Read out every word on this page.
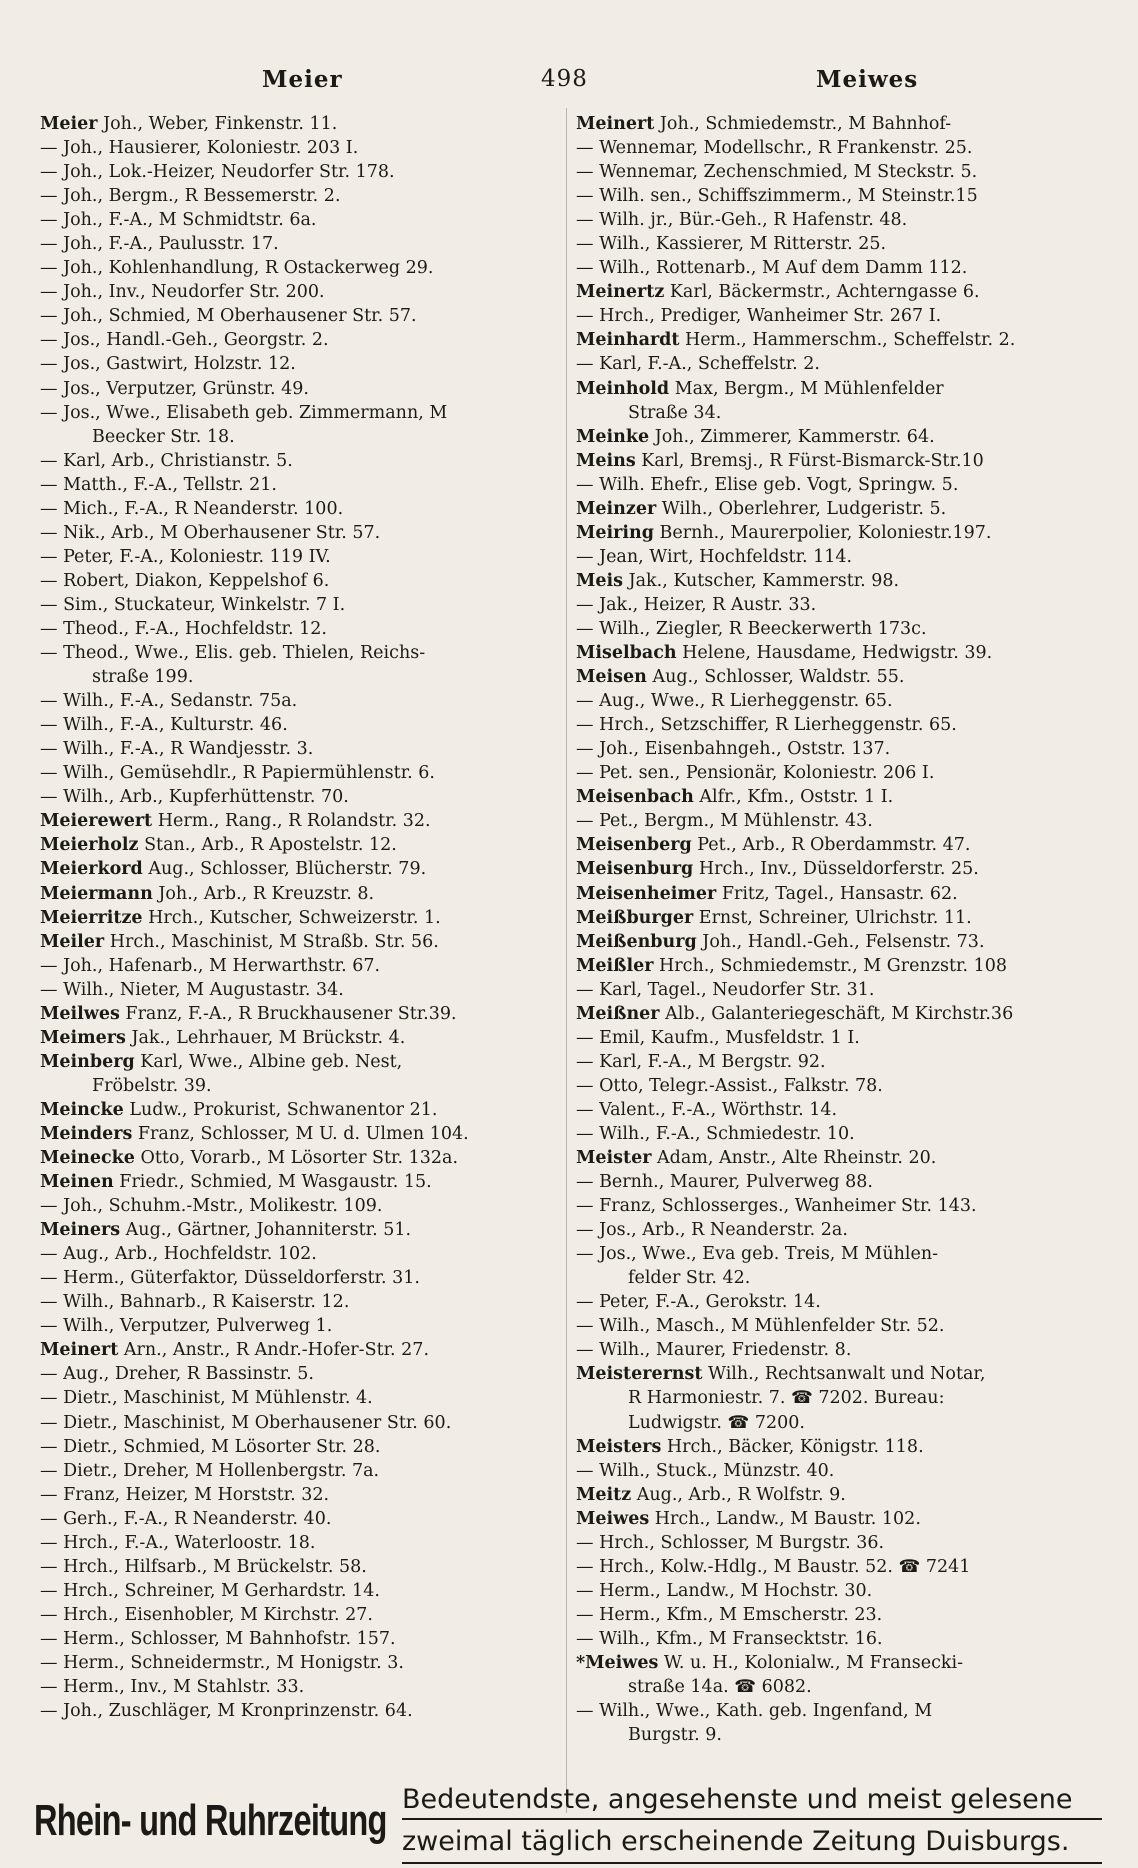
Meier	498	Meiwes
Meier Joh., Weber, Finkenstr. 11.
— Joh., Hausierer, Koloniestr. 203 I.
— Joh., Lok.-Heizer, Neudorfer Str. 178.
— Joh., Bergm., R Bessemerstr. 2.
— Joh., F.-A., M Schmidtstr. 6a.
— Joh., F.-A., Paulusstr. 17.
— Joh., Kohlenhandlung, R Ostackerweg 29.
— Joh., Inv., Neudorfer Str. 200.
— Joh., Schmied, M Oberhausener Str. 57.
— Jos., Handl.-Geh., Georgstr. 2.
— Jos., Gastwirt, Holzstr. 12.
— Jos., Verputzer, Grünstr. 49.
— Jos., Wwe., Elisabeth geb. Zimmermann, M
Beecker Str. 18.
— Karl, Arb., Christianstr. 5.
— Matth., F.-A., Tellstr. 21.
— Mich., F.-A., R Neanderstr. 100.
— Nik., Arb., M Oberhausener Str. 57.
— Peter, F.-A., Koloniestr. 119 IV.
— Robert, Diakon, Keppelshof 6.
— Sim., Stuckateur, Winkelstr. 7 I.
— Theod., F.-A., Hochfeldstr. 12.
— Theod., Wwe., Elis. geb. Thielen, Reichs-
straße 199.
— Wilh., F.-A., Sedanstr. 75a.
— Wilh., F.-A., Kulturstr. 46.
— Wilh., F.-A., R Wandjesstr. 3.
— Wilh., Gemüsehdlr., R Papiermühlenstr. 6.
— Wilh., Arb., Kupferhüttenstr. 70.
Meierewert Herm., Rang., R Rolandstr. 32.
Meierholz Stan., Arb., R Apostelstr. 12.
Meierkord Aug., Schlosser, Blücherstr. 79.
Meiermann Joh., Arb., R Kreuzstr. 8.
Meierritze Hrch., Kutscher, Schweizerstr. 1.
Meiler Hrch., Maschinist, M Straßb. Str. 56.
— Joh., Hafenarb., M Herwarthstr. 67.
— Wilh., Nieter, M Augustastr. 34.
Meilwes Franz, F.-A., R Bruckhausener Str.39.
Meimers Jak., Lehrhauer, M Brückstr. 4.
Meinberg Karl, Wwe., Albine geb. Nest,
Fröbelstr. 39.
Meincke Ludw., Prokurist, Schwanentor 21.
Meinders Franz, Schlosser, M U. d. Ulmen 104.
Meinecke Otto, Vorarb., M Lösorter Str. 132a.
Meinen Friedr., Schmied, M Wasgaustr. 15.
— Joh., Schuhm.-Mstr., Molikestr. 109.
Meiners Aug., Gärtner, Johanniterstr. 51.
— Aug., Arb., Hochfeldstr. 102.
— Herm., Güterfaktor, Düsseldorferstr. 31.
— Wilh., Bahnarb., R Kaiserstr. 12.
— Wilh., Verputzer, Pulverweg 1.
Meinert Arn., Anstr., R Andr.-Hofer-Str. 27.
— Aug., Dreher, R Bassinstr. 5.
— Dietr., Maschinist, M Mühlenstr. 4.
— Dietr., Maschinist, M Oberhausener Str. 60.
— Dietr., Schmied, M Lösorter Str. 28.
— Dietr., Dreher, M Hollenbergstr. 7a.
— Franz, Heizer, M Horststr. 32.
— Gerh., F.-A., R Neanderstr. 40.
— Hrch., F.-A., Waterloostr. 18.
— Hrch., Hilfsarb., M Brückelstr. 58.
— Hrch., Schreiner, M Gerhardstr. 14.
— Hrch., Eisenhobler, M Kirchstr. 27.
— Herm., Schlosser, M Bahnhofstr. 157.
— Herm., Schneidermstr., M Honigstr. 3.
— Herm., Inv., M Stahlstr. 33.
— Joh., Zuschläger, M Kronprinzenstr. 64.
Meinert Joh., Schmiedemstr., M Bahnhof-
— Wennemar, Modellschr., R Frankenstr. 25.
— Wennemar, Zechenschmied, M Steckstr. 5.
— Wilh. sen., Schiffszimmerm., M Steinstr.15
— Wilh. jr., Bür.-Geh., R Hafenstr. 48.
— Wilh., Kassierer, M Ritterstr. 25.
— Wilh., Rottenarb., M Auf dem Damm 112.
Meinertz Karl, Bäckermstr., Achterngasse 6.
— Hrch., Prediger, Wanheimer Str. 267 I.
Meinhardt Herm., Hammerschm., Scheffelstr. 2.
— Karl, F.-A., Scheffelstr. 2.
Meinhold Max, Bergm., M Mühlenfelder
Straße 34.
Meinke Joh., Zimmerer, Kammerstr. 64.
Meins Karl, Bremsj., R Fürst-Bismarck-Str.10
— Wilh. Ehefr., Elise geb. Vogt, Springw. 5.
Meinzer Wilh., Oberlehrer, Ludgeristr. 5.
Meiring Bernh., Maurerpolier, Koloniestr.197.
— Jean, Wirt, Hochfeldstr. 114.
Meis Jak., Kutscher, Kammerstr. 98.
— Jak., Heizer, R Austr. 33.
— Wilh., Ziegler, R Beeckerwerth 173c.
Miselbach Helene, Hausdame, Hedwigstr. 39.
Meisen Aug., Schlosser, Waldstr. 55.
— Aug., Wwe., R Lierheggenstr. 65.
— Hrch., Setzschiffer, R Lierheggenstr. 65.
— Joh., Eisenbahngeh., Oststr. 137.
— Pet. sen., Pensionär, Koloniestr. 206 I.
Meisenbach Alfr., Kfm., Oststr. 1 I.
— Pet., Bergm., M Mühlenstr. 43.
Meisenberg Pet., Arb., R Oberdammstr. 47.
Meisenburg Hrch., Inv., Düsseldorferstr. 25.
Meisenheimer Fritz, Tagel., Hansastr. 62.
Meißburger Ernst, Schreiner, Ulrichstr. 11.
Meißenburg Joh., Handl.-Geh., Felsenstr. 73.
Meißler Hrch., Schmiedemstr., M Grenzstr. 108
— Karl, Tagel., Neudorfer Str. 31.
Meißner Alb., Galanteriegeschäft, M Kirchstr.36
— Emil, Kaufm., Musfeldstr. 1 I.
— Karl, F.-A., M Bergstr. 92.
— Otto, Telegr.-Assist., Falkstr. 78.
— Valent., F.-A., Wörthstr. 14.
— Wilh., F.-A., Schmiedestr. 10.
Meister Adam, Anstr., Alte Rheinstr. 20.
— Bernh., Maurer, Pulverweg 88.
— Franz, Schlosserges., Wanheimer Str. 143.
— Jos., Arb., R Neanderstr. 2a.
— Jos., Wwe., Eva geb. Treis, M Mühlen-
felder Str. 42.
— Peter, F.-A., Gerokstr. 14.
— Wilh., Masch., M Mühlenfelder Str. 52.
— Wilh., Maurer, Friedenstr. 8.
Meisterernst Wilh., Rechtsanwalt und Notar,
R Harmoniestr. 7. ☎ 7202. Bureau:
Ludwigstr. ☎ 7200.
Meisters Hrch., Bäcker, Königstr. 118.
— Wilh., Stuck., Münzstr. 40.
Meitz Aug., Arb., R Wolfstr. 9.
Meiwes Hrch., Landw., M Baustr. 102.
— Hrch., Schlosser, M Burgstr. 36.
— Hrch., Kolw.-Hdlg., M Baustr. 52. ☎ 7241
— Herm., Landw., M Hochstr. 30.
— Herm., Kfm., M Emscherstr. 23.
— Wilh., Kfm., M Fransecktstr. 16.
*Meiwes W. u. H., Kolonialw., M Fransecki-
straße 14a. ☎ 6082.
— Wilh., Wwe., Kath. geb. Ingenfand, M
Burgstr. 9.
Rhein- und Ruhrzeitung Bedeutendste, angesehenste und meist gelesene
zweimal täglich erscheinende Zeitung Duisburgs.
